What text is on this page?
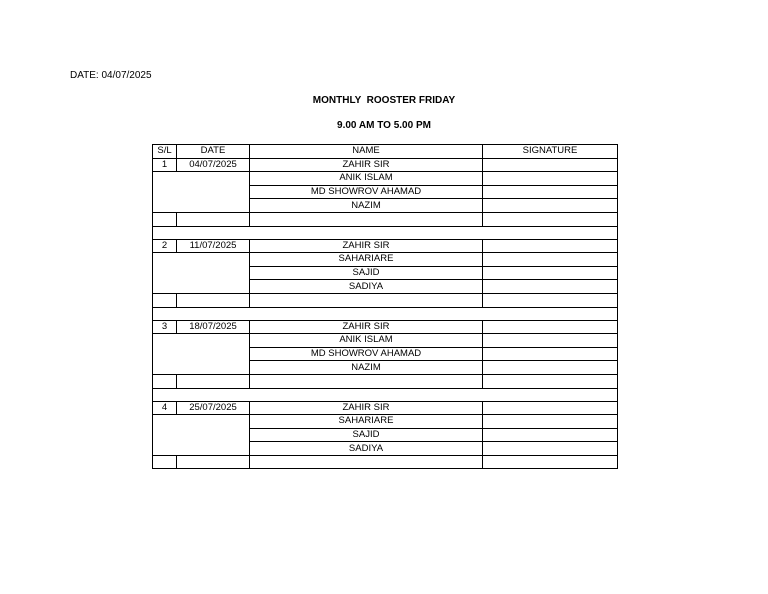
DATE: 04/07/2025
MONTHLY  ROOSTER FRIDAY
9.00 AM TO 5.00 PM
S/L	DATE	NAME	SIGNATURE
1	04/07/2025	ZAHIR SIR	
		ANIK ISLAM	
		MD SHOWROV AHAMAD	
		NAZIM	

2	11/07/2025	ZAHIR SIR	
		SAHARIARE	
		SAJID	
		SADIYA	

3	18/07/2025	ZAHIR SIR	
		ANIK ISLAM	
		MD SHOWROV AHAMAD	
		NAZIM	

4	25/07/2025	ZAHIR SIR	
		SAHARIARE	
		SAJID	
		SADIYA	
